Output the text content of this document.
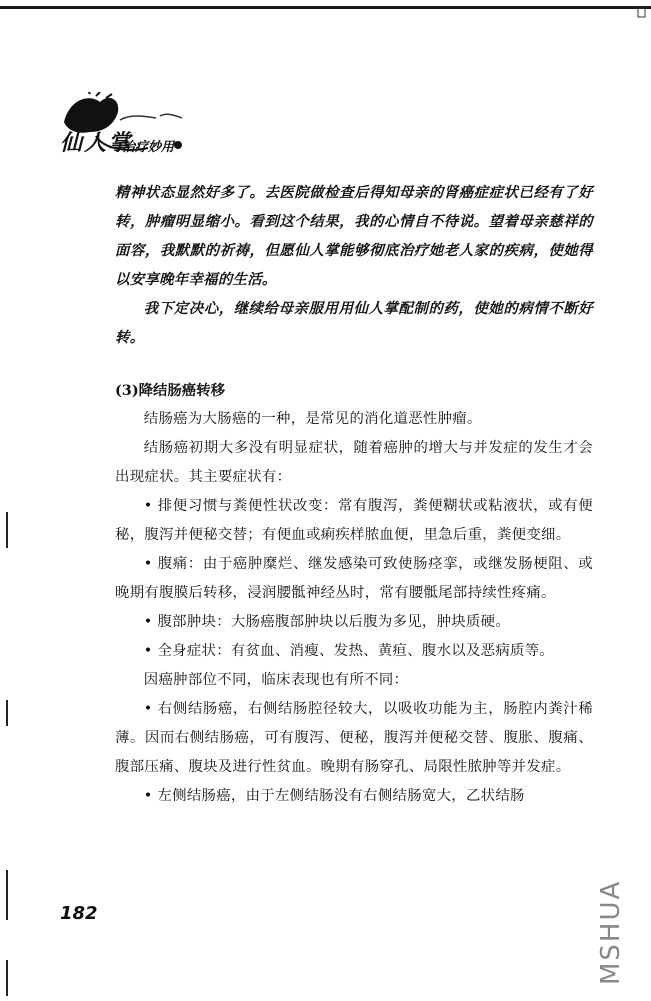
仙人掌
治疗妙用

精神状态显然好多了。去医院做检查后得知母亲的肾癌症症状已经有了好转，肿瘤明显缩小。看到这个结果，我的心情自不待说。望着母亲慈祥的面容，我默默的祈祷，但愿仙人掌能够彻底治疗她老人家的疾病，使她得以安享晚年幸福的生活。

我下定决心，继续给母亲服用用仙人掌配制的药，使她的病情不断好转。

(3)降结肠癌转移

结肠癌为大肠癌的一种，是常见的消化道恶性肿瘤。

结肠癌初期大多没有明显症状，随着癌肿的增大与并发症的发生才会出现症状。其主要症状有：

• 排便习惯与粪便性状改变：常有腹泻，粪便糊状或粘液状，或有便秘，腹泻并便秘交替；有便血或痢疾样脓血便，里急后重，粪便变细。

• 腹痛：由于癌肿糜烂、继发感染可致使肠痉挛，或继发肠梗阻、或晚期有腹膜后转移，浸润腰骶神经丛时，常有腰骶尾部持续性疼痛。

• 腹部肿块：大肠癌腹部肿块以后腹为多见，肿块质硬。

• 全身症状：有贫血、消瘦、发热、黄疸、腹水以及恶病质等。

因癌肿部位不同，临床表现也有所不同：

• 右侧结肠癌，右侧结肠腔径较大，以吸收功能为主，肠腔内粪汁稀薄。因而右侧结肠癌，可有腹泻、便秘，腹泻并便秘交替、腹胀、腹痛、腹部压痛、腹块及进行性贫血。晚期有肠穿孔、局限性脓肿等并发症。

• 左侧结肠癌，由于左侧结肠没有右侧结肠宽大，乙状结肠

182	MSHUA
